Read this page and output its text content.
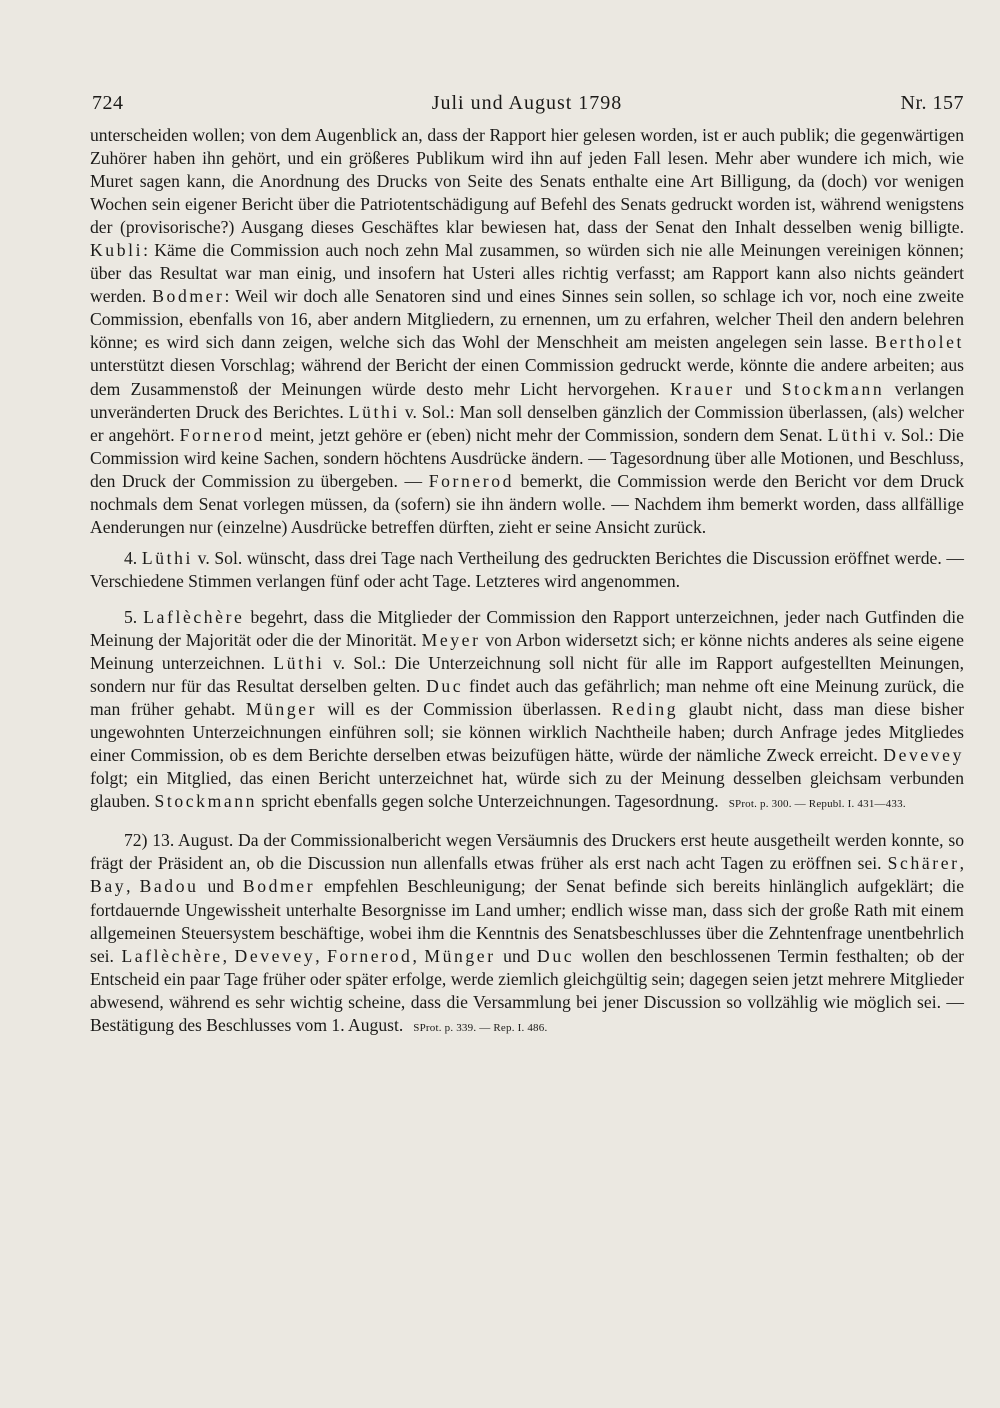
724	Juli und August 1798	Nr. 157

unterscheiden wollen; von dem Augenblick an, dass der Rapport hier gelesen worden, ist er auch publik; die gegenwärtigen Zuhörer haben ihn gehört, und ein größeres Publikum wird ihn auf jeden Fall lesen. Mehr aber wundere ich mich, wie Muret sagen kann, die Anordnung des Drucks von Seite des Senats enthalte eine Art Billigung, da (doch) vor wenigen Wochen sein eigener Bericht über die Patriotentschädigung auf Befehl des Senats gedruckt worden ist, während wenigstens der (provisorische?) Ausgang dieses Geschäftes klar bewiesen hat, dass der Senat den Inhalt desselben wenig billigte. Kubli: Käme die Commission auch noch zehn Mal zusammen, so würden sich nie alle Meinungen vereinigen können; über das Resultat war man einig, und insofern hat Usteri alles richtig verfasst; am Rapport kann also nichts geändert werden. Bodmer: Weil wir doch alle Senatoren sind und eines Sinnes sein sollen, so schlage ich vor, noch eine zweite Commission, ebenfalls von 16, aber andern Mitgliedern, zu ernennen, um zu erfahren, welcher Theil den andern belehren könne; es wird sich dann zeigen, welche sich das Wohl der Menschheit am meisten angelegen sein lasse. Bertholet unterstützt diesen Vorschlag; während der Bericht der einen Commission gedruckt werde, könnte die andere arbeiten; aus dem Zusammenstoß der Meinungen würde desto mehr Licht hervorgehen. Krauer und Stockmann verlangen unveränderten Druck des Berichtes. Lüthi v. Sol.: Man soll denselben gänzlich der Commission überlassen, (als) welcher er angehört. Fornerod meint, jetzt gehöre er (eben) nicht mehr der Commission, sondern dem Senat. Lüthi v. Sol.: Die Commission wird keine Sachen, sondern höchtens Ausdrücke ändern. — Tagesordnung über alle Motionen, und Beschluss, den Druck der Commission zu übergeben. — Fornerod bemerkt, die Commission werde den Bericht vor dem Druck nochmals dem Senat vorlegen müssen, da (sofern) sie ihn ändern wolle. — Nachdem ihm bemerkt worden, dass allfällige Aenderungen nur (einzelne) Ausdrücke betreffen dürften, zieht er seine Ansicht zurück.

4. Lüthi v. Sol. wünscht, dass drei Tage nach Vertheilung des gedruckten Berichtes die Discussion eröffnet werde. — Verschiedene Stimmen verlangen fünf oder acht Tage. Letzteres wird angenommen.

5. Laflèchère begehrt, dass die Mitglieder der Commission den Rapport unterzeichnen, jeder nach Gutfinden die Meinung der Majorität oder die der Minorität. Meyer von Arbon widersetzt sich; er könne nichts anderes als seine eigene Meinung unterzeichnen. Lüthi v. Sol.: Die Unterzeichnung soll nicht für alle im Rapport aufgestellten Meinungen, sondern nur für das Resultat derselben gelten. Duc findet auch das gefährlich; man nehme oft eine Meinung zurück, die man früher gehabt. Münger will es der Commission überlassen. Reding glaubt nicht, dass man diese bisher ungewohnten Unterzeichnungen einführen soll; sie können wirklich Nachtheile haben; durch Anfrage jedes Mitgliedes einer Commission, ob es dem Berichte derselben etwas beizufügen hätte, würde der nämliche Zweck erreicht. Devevey folgt; ein Mitglied, das einen Bericht unterzeichnet hat, würde sich zu der Meinung desselben gleichsam verbunden glauben. Stockmann spricht ebenfalls gegen solche Unterzeichnungen. Tagesordnung. SProt. p. 300. — Republ. I. 431—433.

72) 13. August. Da der Commissionalbericht wegen Versäumnis des Druckers erst heute ausgetheilt werden konnte, so frägt der Präsident an, ob die Discussion nun allenfalls etwas früher als erst nach acht Tagen zu eröffnen sei. Schärer, Bay, Badou und Bodmer empfehlen Beschleunigung; der Senat befinde sich bereits hinlänglich aufgeklärt; die fortdauernde Ungewissheit unterhalte Besorgnisse im Land umher; endlich wisse man, dass sich der große Rath mit einem allgemeinen Steuersystem beschäftige, wobei ihm die Kenntnis des Senatsbeschlusses über die Zehntenfrage unentbehrlich sei. Laflèchère, Devevey, Fornerod, Münger und Duc wollen den beschlossenen Termin festhalten; ob der Entscheid ein paar Tage früher oder später erfolge, werde ziemlich gleichgültig sein; dagegen seien jetzt mehrere Mitglieder abwesend, während es sehr wichtig scheine, dass die Versammlung bei jener Discussion so vollzählig wie möglich sei. — Bestätigung des Beschlusses vom 1. August. SProt. p. 339. — Rep. I. 486.
